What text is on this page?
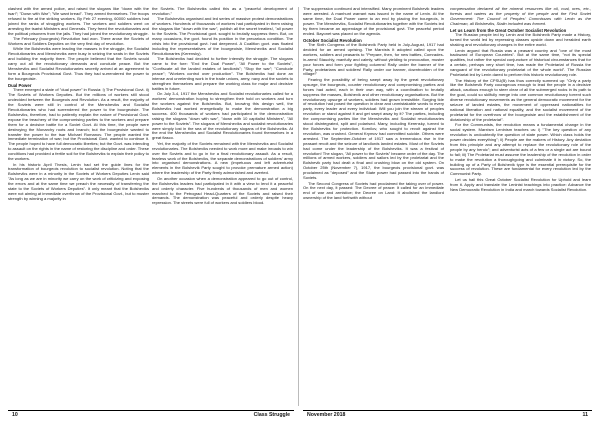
clashed with the armed police, and raised the slogans like "down with the tsar!"; "Down with War"; "We want bread". They armed themselves. The troops refused to fire at the striking workers. By Feb 27 evening, 60000 soldiers had joined the ranks of struggling workers. The workers and soldiers went on arresting the tsarist Ministers and Generals. They freed the revolutionaries and the political prisoners from the jails. They had joined the revolutionary struggle.

The February (bourgeois) Revolution had won. There arose the Soviets of Workers and Soldiers Deputies on the very first day of revolution.

While the Bolsheviks were leading the masses in the struggle, the Socialist Revolutionaries and Mensheviks were busy in seizing the seats in the Soviets and building the majority there. The people believed that the Soviets would carry out all the revolutionary demands and conclude peace. But the Mensheviks and Socialist Revolutionaries secretly arrived at an agreement to form a Bourgeois Provisional Govt. Thus they had surrendered the power to the bourgeoisie.

Dual Power

There emerged a state of "dual power" in Russia: i) The Provisional Govt. ii) The Soviets of Workers Deputies. But the millions of workers still stood undecided between the Bourgeois and Revolution. As a result, the majority of the Soviets were still in control of the Mensheviks and Socialist Revolutionaries who had surrendered the power to the bourgeoisie. The Bolsheviks, therefore, had to patiently explain the nature of Provisional Govt. expose the treachery of the compromising parties to the workers and prepare them for a decisive battle for a Soviet Govt. At this time, the people were destroying the Monarchy roots and branch; but the bourgeoisie wanted to transfer the power to the tsar Michael Romanov. The people wanted the immediate termination of war; but the Provisional Govt. wanted to continue it. The people hoped to have full democratic liberties; but the Govt. was intending to assault on the rights in the name of restoring the discipline and order. These conditions had provided a fertile soil for the Bolsheviks to explain their policy to the workers.

In his historic April Thesis, Lenin had set the guide lines for the transformation of bourgeois revolution to socialist revolution. Noting that the Bolsheviks were in a minority in the Soviets of Workers Deputies Lenin said "As long as we are in minority we carry on the work of criticizing and exposing the errors and at the same time we preach the necessity of transferring the state to the Soviets of Workers Deputies". It only meant that the Bolsheviks were not aiming at immediate overthrow of the Provisional Govt., but to muster strength by winning a majority in

the Soviets. The Bolsheviks called this as a "peaceful development of revolution."

The Bolsheviks organised and led series of massive protest demonstrations of workers. Hundreds of thousands of workers had participated in them raising the slogans like "down with the war", publish all the secret treaties!, "all power to the Soviets. The Provisional govt. sought to brutally suppress them. But, on many occasions, the govt. found its position in the precarious condition. The crisis into the provisional govt. had deepened. A Coalition govt. was floated including the representatives of the bourgeoisie, Mensheviks and Socialist Revolutionaries (Kerensky).

The Bolsheviks had decided to further intensify the struggle. The slogans came to the fore: "End the Dual Power", "All Power to the Soviets", "Confiscate all the landed estates of landlords"; "Stop the war"; "Conclude peace"; "Workers control over production". The Bolsheviks had done an intense and unrelenting work in the trade unions, army, navy and the soviets to strengthen themselves and prepare the working class for major and decisive battles in future.

On July 3-4, 1917 the Mensheviks and Socialist revolutionaries called for a workers' demonstration hoping to strengthen their hold on workers and turn the workers against the Bolsheviks. But, knowing this design well, the Bolsheviks had worked energetically to make the demonstration a big success. 400 thousands of workers had participated in the demonstration raising the slogans "down with war", "down with 10 capitalist Ministers", "All power to the Soviets". The slogans of Mensheviks and socialist revolutionaries were simply lost in the sea of the revolutionary slogans of the Bolsheviks. At the end the Mensheviks and Socialist Revolutionaries found themselves in a great fiasco.

Yet, the majority of the Soviets remained with the Mensheviks and Socialist revolutionaries. The Bolsheviks needed to work more and make inroads to win over the Soviets and to go in for a final revolutionary assault. As a result, fearless work of the Bolsheviks, the separate demonstrations of soldiers' army into organised demonstrations. A new (impetuous and left adventurist elements in the Bolshevik Party sought to provoke premature armed action) where the leadership of the Party firmly admonished and averted.

On another occasion when a demonstration appeared to go out of control, the Bolsheviks leaders had participated in it with a view to lend it a peaceful and orderly character. Five hundreds of thousands of men and women marched to the Petrograd Head-Quarters of the Soviets and raised their demands. The demonstration was peaceful and orderly despite heavy repression. The streets were full of workers and soldiers blood.

The suppression continued and intensified. Many prominent Bolshevik leaders were arrested. A manhunt warrant was issued in the name of Lenin. At the same time, the Dual Power came to an end by placing the bourgeois, in power. The Mensheviks, Socialist Revolutionaries together with the Soviets led by them became an appendage of the provisional govt. The peaceful period ended. Bayonet was placed on the agenda.

October Socialist Revolution

The Sixth Congress of the Bolshevik Party held in July-August, 1917 had decided for an armed uprising. The Marxists It adopted called upon the workers, soldiers and peasants to "Prepare, then, for new battles, Comrades-in-arms! Stauchly, manfully and calmly, without yielding to provocation, muster your forces and form your fighting columns! Rally under the banner of the Party, proletarians and soldiers! Rally under our banner, downtrodden of the village!"

Fearing the possibility of being swept away by the great revolutionary upsurge, the bourgeois, counter revolutionary and compromising parties and forces had acted, each in their own way, with a coordination to brutally suppress the masses, Bolshevik and other revolutionary organisations. But the revolutionary upsurge of workers, soldiers had grown irresistible. Surging tide of revolution had posed the question in clear and unmistakable words to every party, every leader and every individual: Will you join the stream of peoples revolution or stand against it and get swept away by it? The parties, including the compromising parties like the Mensheviks and Socialist revolutionaries stood disintegrated, split and polarised. Many, including Kerensky, turned to the Bolsheviks for protection. Kornilov, who sought to revolt against the revolution, was crushed. General Krymov had committed suicide. Others were arrested. The September-October of 1917 saw a tremendous rise in the peasant revolt and the seizure of landlords landed estates. Most of the Soviets had come under the leadership of the Bolsheviks. It was a festival of revolution! The slogan, "All power to the Soviets" became order of the day. The millions of armed workers, soldiers and sailors led by the proletariat and the Bolshevik party had dealt a final and crushing blow on the old system. On October 25th (November 7), 1917, the bourgeois provisional govt. was proclaimed as "deposed" and the State power had passed into the hands of Soviets.

The Second Congress of Soviets had proclaimed the taking over of power. On the next day, it passed: The Decree of peace: It called for an immediate end of war and armistice; the Decree on Land: It abolished the landlord ownership of the land forthwith without

compensation declared all the mineral resources like oil, coal, ores, etc., forests and waters as the property of the people and the First Soviet Government: The Council of Peoples' Commissars with Lenin as the Chairman, all Bolsheviks, Stalin included was formed.

Let us Learn from the Great October Socialist Revolution

The Russian people led by Lenin and the Bolshevik Party made a History, turned the world led by repressing classes upside down and heralded earth shaking and revolutionary changes in the entire world.

Lenin argued that Russia was a peasant country and "one of the most backward of European Countries". But at the same time, "not its special qualities, but rather the special conjuncture of historical circumstances that for a certain, perhaps very short time, has made the Proletariat of Russia the vanguard of the revolutionary proletariat of the whole world". The Russian Proletariat led by Lenin dared to perform this historic revolutionary role.

The History of the CPSU(B) has thus correctly summed up: "Only a party like the Bolshevik Party courageous enough to lead the people in a decisive attack, cautious enough to steer clear of all the submerged rocks in its path to the goal, could so skilfully merge into one common revolutionary torrent such diverse revolutionary movements as the general democratic movement for the seizure of landed estates, the movement of oppressed nationalities for national liberation and national equality, and the socialist movement of the proletariat for the overthrow of the bourgeoisie and the establishment of the dictatorship of the proletariat".

For the Communists, the revolution means a fundamental change in the social system. Marxism Leninism teaches us: i) "The key question of any revolution is undoubtedly the question of state power. Which class holds the power decides everything"; ii) People are the makers of History. Any deviation from this principle and any attempt to replace the revolutionary role of the people by any heroic"; and adventurist acts of a few or a single act are bound to fail; iii) The Proletariat must assume the leadership of the revolution in order to make the revolution a thoroughgoing and culminate it in victory. So, the building up of a Party of Bolshevik type is the essential prerequisite for the success of revolution. These are fundamental for every revolution led by the Communist Party.

Let us hail this Great October Socialist Revolution for Uphold and learn from it. Apply and translate the Leninist teachings into practice: Advance the New Democratic Revolution in India and march towards Socialist Revolution.

10	Class Struggle	November 2018	11
